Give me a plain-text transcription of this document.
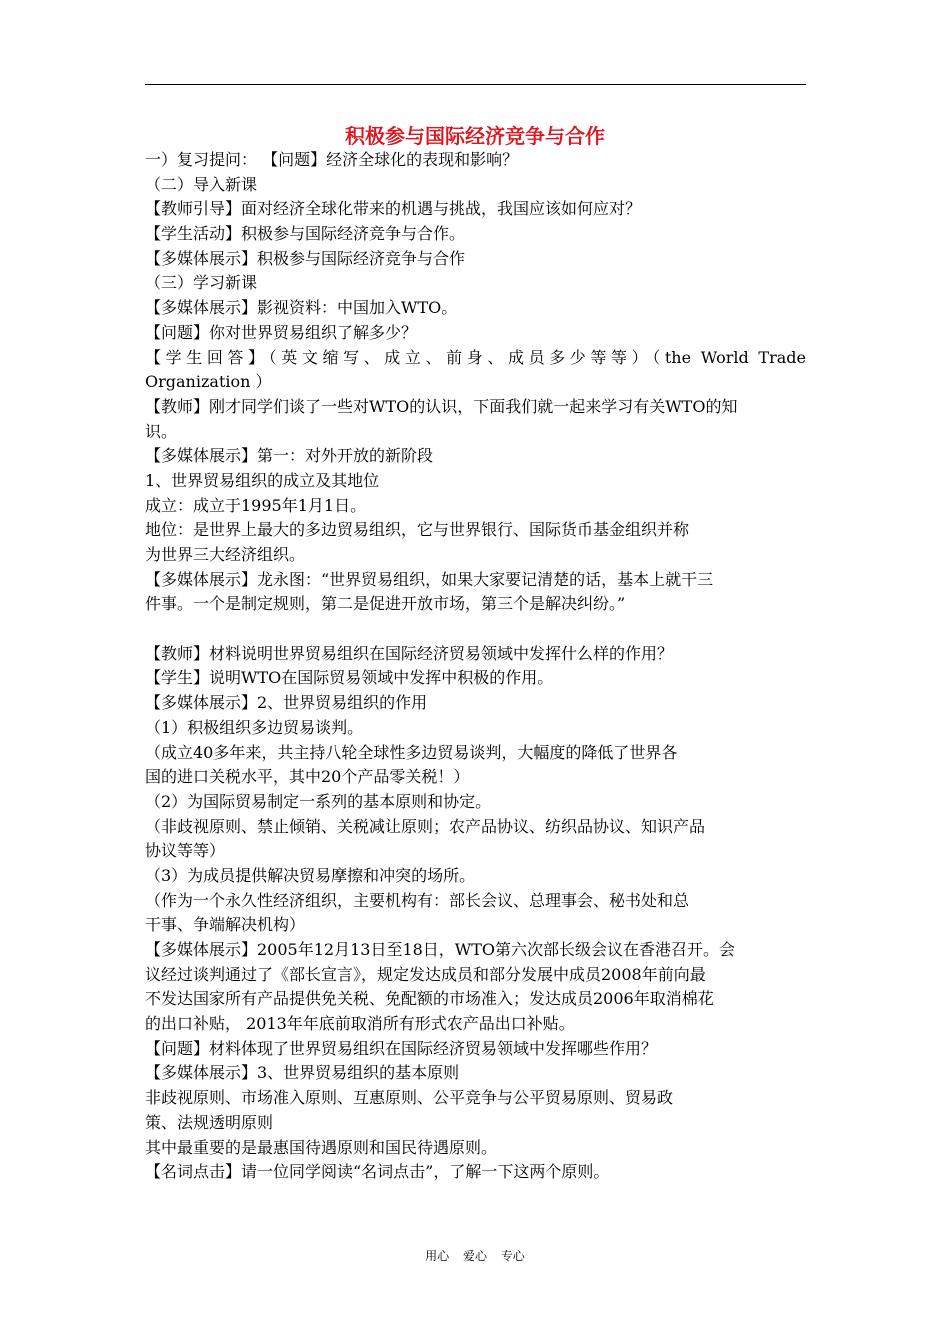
积极参与国际经济竞争与合作
一）复习提问： 【问题】经济全球化的表现和影响？
（二）导入新课
【教师引导】面对经济全球化带来的机遇与挑战，我国应该如何应对？
【学生活动】积极参与国际经济竞争与合作。
【多媒体展示】积极参与国际经济竞争与合作
（三）学习新课
【多媒体展示】影视资料：中国加入WTO。
【问题】你对世界贸易组织了解多少？
【学生回答】（英文缩写、成立、前身、成员多少等等）（the World Trade
Organization ）
【教师】刚才同学们谈了一些对WTO的认识，下面我们就一起来学习有关WTO的知
识。
【多媒体展示】第一：对外开放的新阶段
1、世界贸易组织的成立及其地位
成立：成立于1995年1月1日。
地位：是世界上最大的多边贸易组织，它与世界银行、国际货币基金组织并称
为世界三大经济组织。
【多媒体展示】龙永图：“世界贸易组织，如果大家要记清楚的话，基本上就干三
件事。一个是制定规则，第二是促进开放市场，第三个是解决纠纷。”
【教师】材料说明世界贸易组织在国际经济贸易领域中发挥什么样的作用？
【学生】说明WTO在国际贸易领域中发挥中积极的作用。
【多媒体展示】2、世界贸易组织的作用
（1）积极组织多边贸易谈判。
（成立40多年来，共主持八轮全球性多边贸易谈判，大幅度的降低了世界各
国的进口关税水平，其中20个产品零关税！）
（2）为国际贸易制定一系列的基本原则和协定。
（非歧视原则、禁止倾销、关税减让原则；农产品协议、纺织品协议、知识产品
协议等等）
（3）为成员提供解决贸易摩擦和冲突的场所。
（作为一个永久性经济组织，主要机构有：部长会议、总理事会、秘书处和总
干事、争端解决机构）
【多媒体展示】2005年12月13日至18日，WTO第六次部长级会议在香港召开。会
议经过谈判通过了《部长宣言》，规定发达成员和部分发展中成员2008年前向最
不发达国家所有产品提供免关税、免配额的市场准入；发达成员2006年取消棉花
的出口补贴， 2013年年底前取消所有形式农产品出口补贴。
【问题】材料体现了世界贸易组织在国际经济贸易领域中发挥哪些作用？
【多媒体展示】3、世界贸易组织的基本原则
非歧视原则、市场准入原则、互惠原则、公平竞争与公平贸易原则、贸易政
策、法规透明原则
其中最重要的是最惠国待遇原则和国民待遇原则。
【名词点击】请一位同学阅读“名词点击”，了解一下这两个原则。
用心 爱心 专心
